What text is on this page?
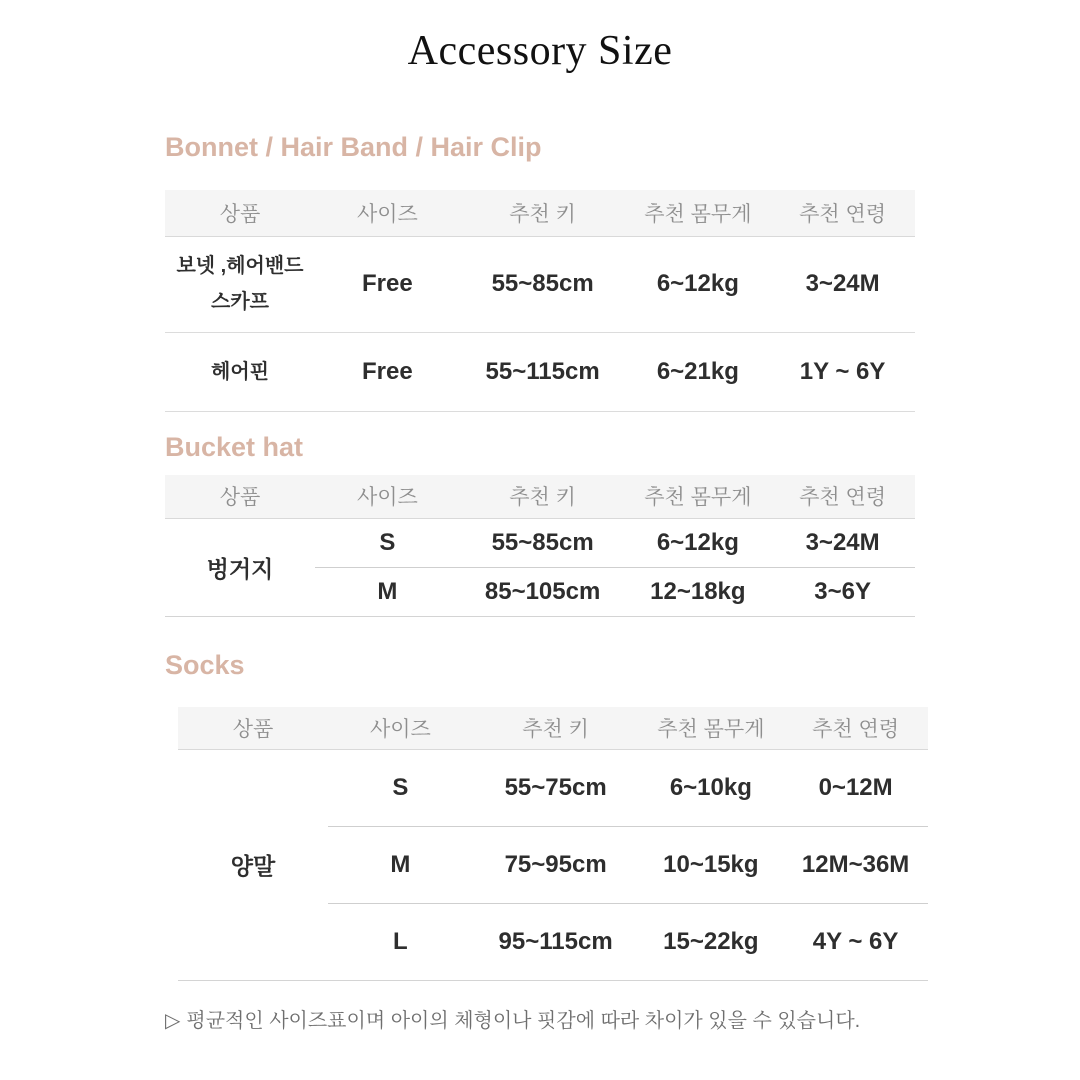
Accessory Size
Bonnet / Hair Band / Hair Clip
상품	사이즈	추천 키	추천 몸무게	추천 연령
보넷 ,헤어밴드
스카프	Free	55~85cm	6~12kg	3~24M
헤어핀	Free	55~115cm	6~21kg	1Y ~ 6Y
Bucket hat
상품	사이즈	추천 키	추천 몸무게	추천 연령
벙거지	S	55~85cm	6~12kg	3~24M
	M	85~105cm	12~18kg	3~6Y
Socks
상품	사이즈	추천 키	추천 몸무게	추천 연령
양말	S	55~75cm	6~10kg	0~12M
	M	75~95cm	10~15kg	12M~36M
	L	95~115cm	15~22kg	4Y ~ 6Y

▷ 평균적인 사이즈표이며 아이의 체형이나 핏감에 따라 차이가 있을 수 있습니다.
